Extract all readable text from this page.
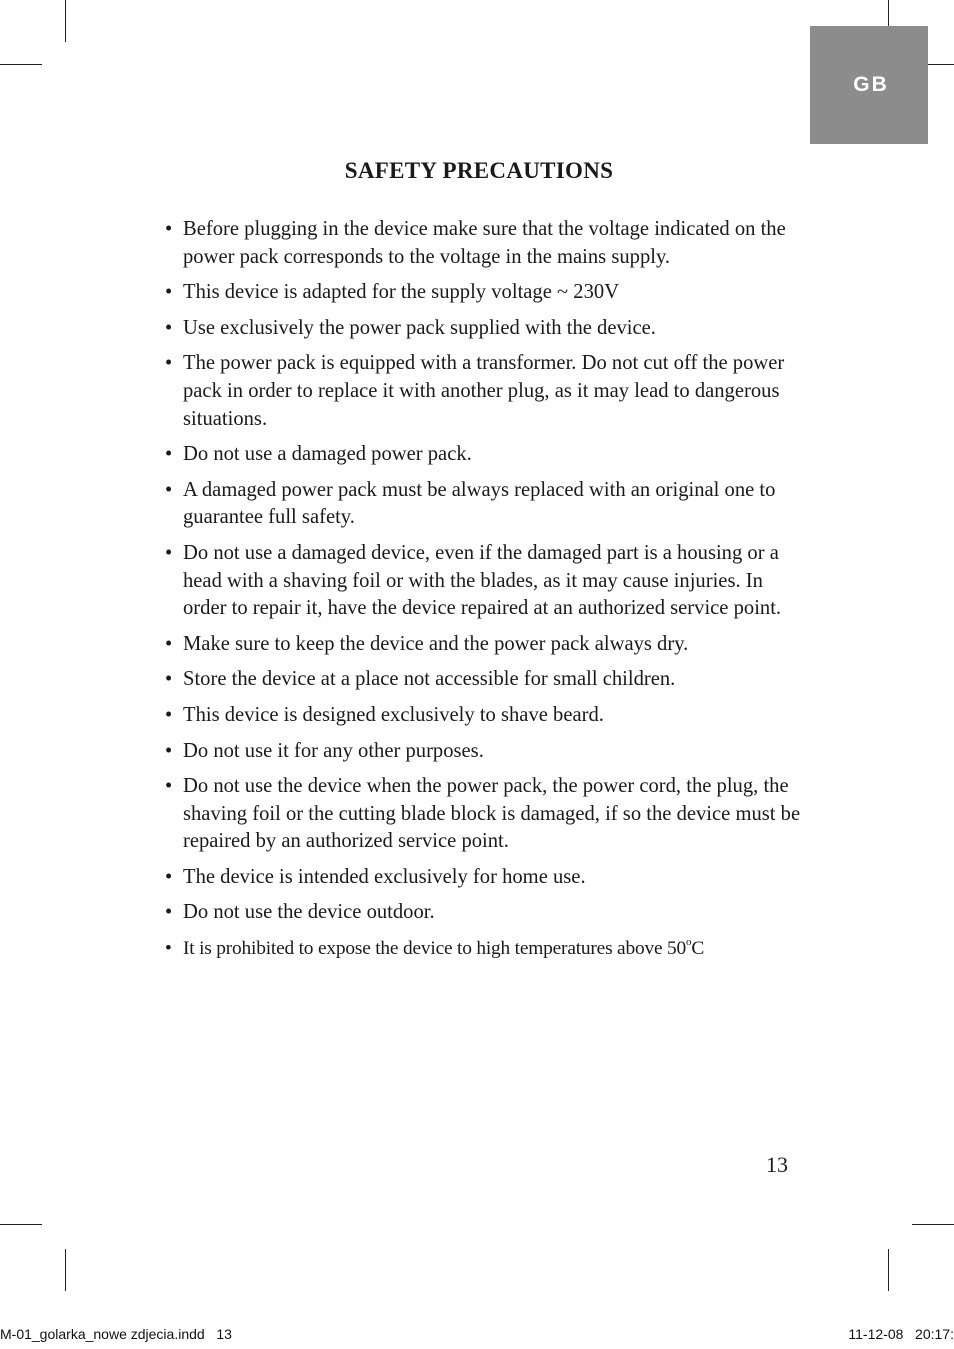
GB
SAFETY PRECAUTIONS
• Before plugging in the device make sure that the voltage indicated on the power pack corresponds to the voltage in the mains supply.
• This device is adapted for the supply voltage ~ 230V
• Use exclusively the power pack supplied with the device.
• The power pack is equipped with a transformer. Do not cut off the power pack in order to replace it with another plug, as it may lead to dangerous situations.
• Do not use a damaged power pack.
• A damaged power pack must be always replaced with an original one to guarantee full safety.
• Do not use a damaged device, even if the damaged part is a housing or a head with a shaving foil or with the blades, as it may cause injuries. In order to repair it, have the device repaired at an authorized service point.
• Make sure to keep the device and the power pack always dry.
• Store the device at a place not accessible for small children.
• This device is designed exclusively to shave beard.
• Do not use it for any other purposes.
• Do not use the device when the power pack, the power cord, the plug, the shaving foil or the cutting blade block is damaged, if so the device must be repaired by an authorized service point.
• The device is intended exclusively for home use.
• Do not use the device outdoor.
• It is prohibited to expose the device to high temperatures above 50$^o$C
13
M-01_golarka_nowe zdjecia.indd   13	11-12-08   20:17:
